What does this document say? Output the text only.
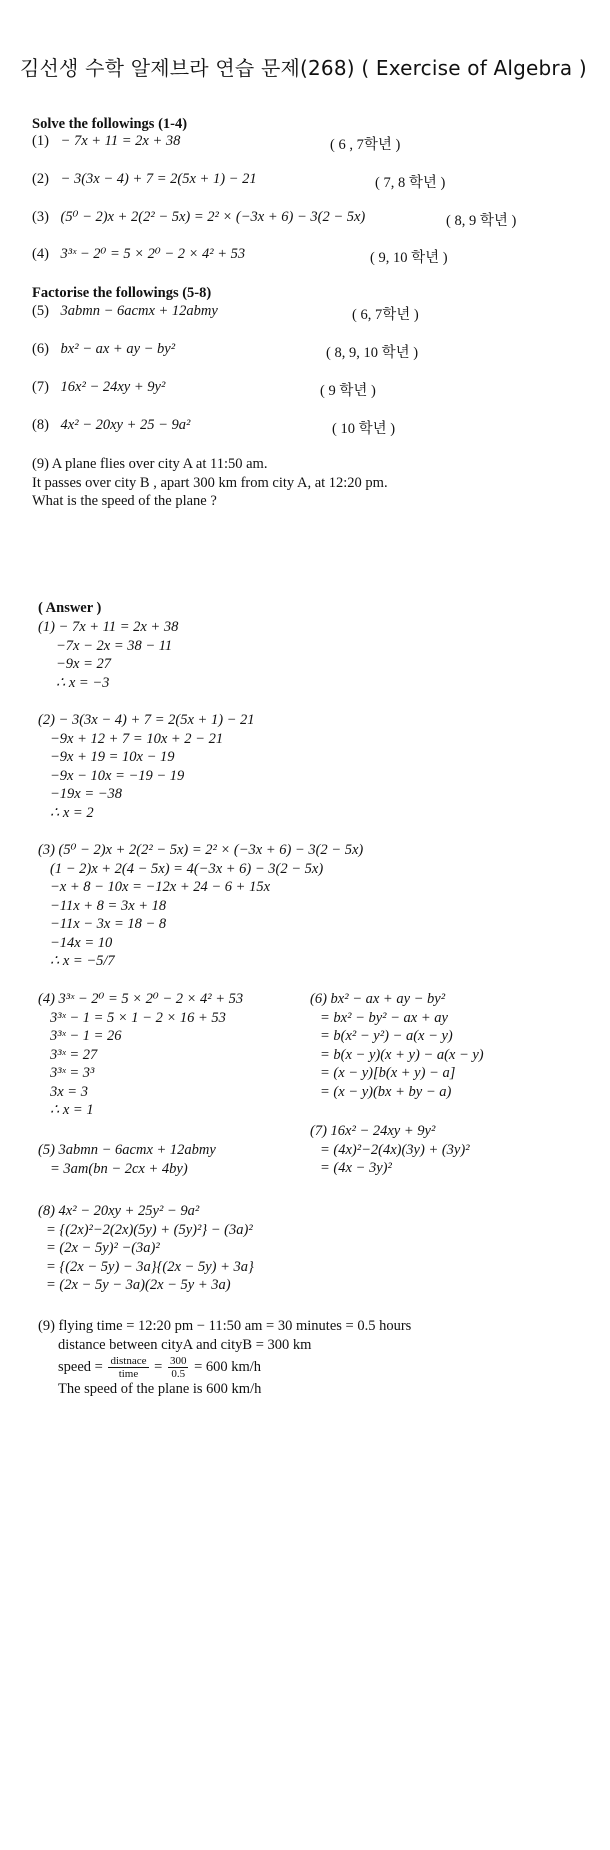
김선생 수학 알제브라 연습 문제(268) ( Exercise of Algebra )
Solve the followings (1-4)
(1) − 7x + 11 = 2x + 38	( 6 , 7학년 )
(2) − 3(3x − 4) + 7 = 2(5x + 1) − 21	( 7, 8 학년 )
(3) (5⁰ − 2)x + 2(2² − 5x) = 2² × (−3x + 6) − 3(2 − 5x)	( 8, 9 학년 )
(4) 3³ˣ − 2⁰ = 5 × 2⁰ − 2 × 4² + 53	( 9, 10 학년 )
Factorise the followings (5-8)
(5) 3abmn − 6acmx + 12abmy	( 6, 7학년 )
(6) bx² − ax + ay − by²	( 8, 9, 10 학년 )
(7) 16x² − 24xy + 9y²	( 9 학년 )
(8) 4x² − 20xy + 25 − 9a²	( 10 학년 )
(9) A plane flies over city A at 11:50 am.
It passes over city B , apart 300 km from city A, at 12:20 pm.
What is the speed of the plane ?
( Answer )
(1) − 7x + 11 = 2x + 38
−7x − 2x = 38 − 11
−9x = 27
∴ x = −3
(2) − 3(3x − 4) + 7 = 2(5x + 1) − 21
−9x + 12 + 7 = 10x + 2 − 21
−9x + 19 = 10x − 19
−9x − 10x = −19 − 19
−19x = −38
∴ x = 2
(3) (5⁰ − 2)x + 2(2² − 5x) = 2² × (−3x + 6) − 3(2 − 5x)
(1 − 2)x + 2(4 − 5x) = 4(−3x + 6) − 3(2 − 5x)
−x + 8 − 10x = −12x + 24 − 6 + 15x
−11x + 8 = 3x + 18
−11x − 3x = 18 − 8
−14x = 10
∴ x = −5/7
(4) 3³ˣ − 2⁰ = 5 × 2⁰ − 2 × 4² + 53
3³ˣ − 1 = 5 × 1 − 2 × 16 + 53
3³ˣ − 1 = 26
3³ˣ = 27
3³ˣ = 3³
3x = 3
∴ x = 1
(5) 3abmn − 6acmx + 12abmy
= 3am(bn − 2cx + 4by)
(6) bx² − ax + ay − by²
= bx² − by² − ax + ay
= b(x² − y²) − a(x − y)
= b(x − y)(x + y) − a(x − y)
= (x − y)[b(x + y) − a]
= (x − y)(bx + by − a)
(7) 16x² − 24xy + 9y²
= (4x)²−2(4x)(3y) + (3y)²
= (4x − 3y)²
(8) 4x² − 20xy + 25y² − 9a²
= {(2x)²−2(2x)(5y) + (5y)²} − (3a)²
= (2x − 5y)² −(3a)²
= {(2x − 5y) − 3a}{(2x − 5y) + 3a}
= (2x − 5y − 3a)(2x − 5y + 3a)
(9) flying time = 12:20 pm − 11:50 am = 30 minutes = 0.5 hours
distance between cityA and cityB = 300 km
speed = $\frac{\text{distnace}}{\text{time}} = \frac{300}{0.5} = 600$ km/h
The speed of the plane is 600 km/h
